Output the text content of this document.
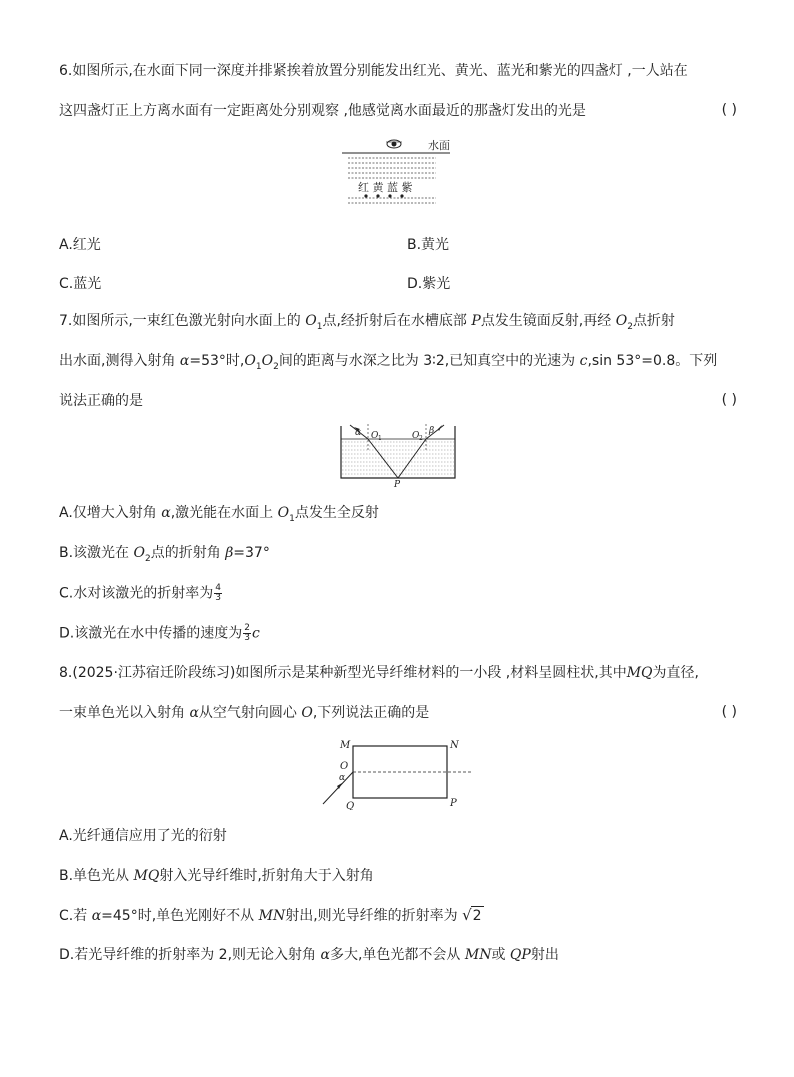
6.如图所示,在水面下同一深度并排紧挨着放置分别能发出红光、黄光、蓝光和紫光的四盏灯 ,一人站在
这四盏灯正上方离水面有一定距离处分别观察 ,他感觉离水面最近的那盏灯发出的光是	( )
水面
红 黄 蓝 紫
A.红光	B.黄光
C.蓝光	D.紫光
7.如图所示,一束红色激光射向水面上的 $O_1$点,经折射后在水槽底部 P点发生镜面反射,再经 $O_2$点折射
出水面,测得入射角 α=53°时$,O_1O_2$间的距离与水深之比为 3∶2,已知真空中的光速为 c,sin 53°=0.8。下列
说法正确的是	( )
α O 1	O 2
β
P
A.仅增大入射角 α,激光能在水面上 $O_1$点发生全反射
B.该激光在 $O_2$点的折射角 β=37°
C.水对该激光的折射率为 $\frac{4}{3}$
D.该激光在水中传播的速度为 $\frac{2}{3}$ c
8.(2025·江苏宿迁阶段练习)如图所示是某种新型光导纤维材料的一小段 ,材料呈圆柱状,其中MQ为直径,
一束单色光以入射角 α从空气射向圆心 O,下列说法正确的是	( )
M	N
O
α
Q	P
A.光纤通信应用了光的衍射
B.单色光从 MQ射入光导纤维时,折射角大于入射角
C.若 α=45°时,单色光刚好不从 MN射出,则光导纤维的折射率为 √2
D.若光导纤维的折射率为 2,则无论入射角 α多大,单色光都不会从 MN或 QP射出
